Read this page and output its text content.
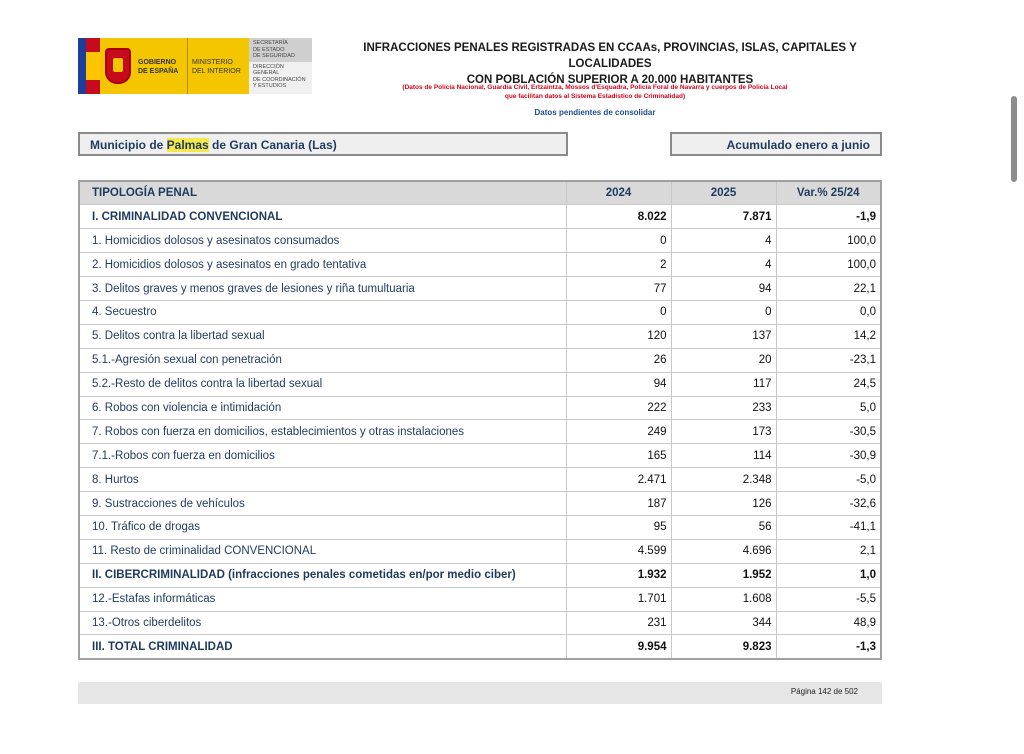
GOBIERNO
DE ESPAÑA
MINISTERIO
DEL INTERIOR
SECRETARÍA
DE ESTADO
DE SEGURIDAD
DIRECCIÓN GENERAL
DE COORDINACIÓN
Y ESTUDIOS
INFRACCIONES PENALES REGISTRADAS EN CCAAs, PROVINCIAS, ISLAS, CAPITALES Y LOCALIDADES
CON POBLACIÓN SUPERIOR A 20.000 HABITANTES
(Datos de Policía Nacional, Guardia Civil, Ertzaintza, Mossos d'Esquadra, Policía Foral de Navarra y cuerpos de Policía Local
que facilitan datos al Sistema Estadístico de Criminalidad)
Datos pendientes de consolidar
Municipio de Palmas de Gran Canaria (Las)	Acumulado enero a junio
TIPOLOGÍA PENAL	2024	2025	Var.% 25/24
I. CRIMINALIDAD CONVENCIONAL	8.022	7.871	-1,9
1. Homicidios dolosos y asesinatos consumados	0	4	100,0
2. Homicidios dolosos y asesinatos en grado tentativa	2	4	100,0
3. Delitos graves y menos graves de lesiones y riña tumultuaria	77	94	22,1
4. Secuestro	0	0	0,0
5. Delitos contra la libertad sexual	120	137	14,2
5.1.-Agresión sexual con penetración	26	20	-23,1
5.2.-Resto de delitos contra la libertad sexual	94	117	24,5
6. Robos con violencia e intimidación	222	233	5,0
7. Robos con fuerza en domicilios, establecimientos y otras instalaciones	249	173	-30,5
7.1.-Robos con fuerza en domicilios	165	114	-30,9
8. Hurtos	2.471	2.348	-5,0
9. Sustracciones de vehículos	187	126	-32,6
10. Tráfico de drogas	95	56	-41,1
11. Resto de criminalidad CONVENCIONAL	4.599	4.696	2,1
II. CIBERCRIMINALIDAD (infracciones penales cometidas en/por medio ciber)	1.932	1.952	1,0
12.-Estafas informáticas	1.701	1.608	-5,5
13.-Otros ciberdelitos	231	344	48,9
III. TOTAL CRIMINALIDAD	9.954	9.823	-1,3
Página 142 de 502
